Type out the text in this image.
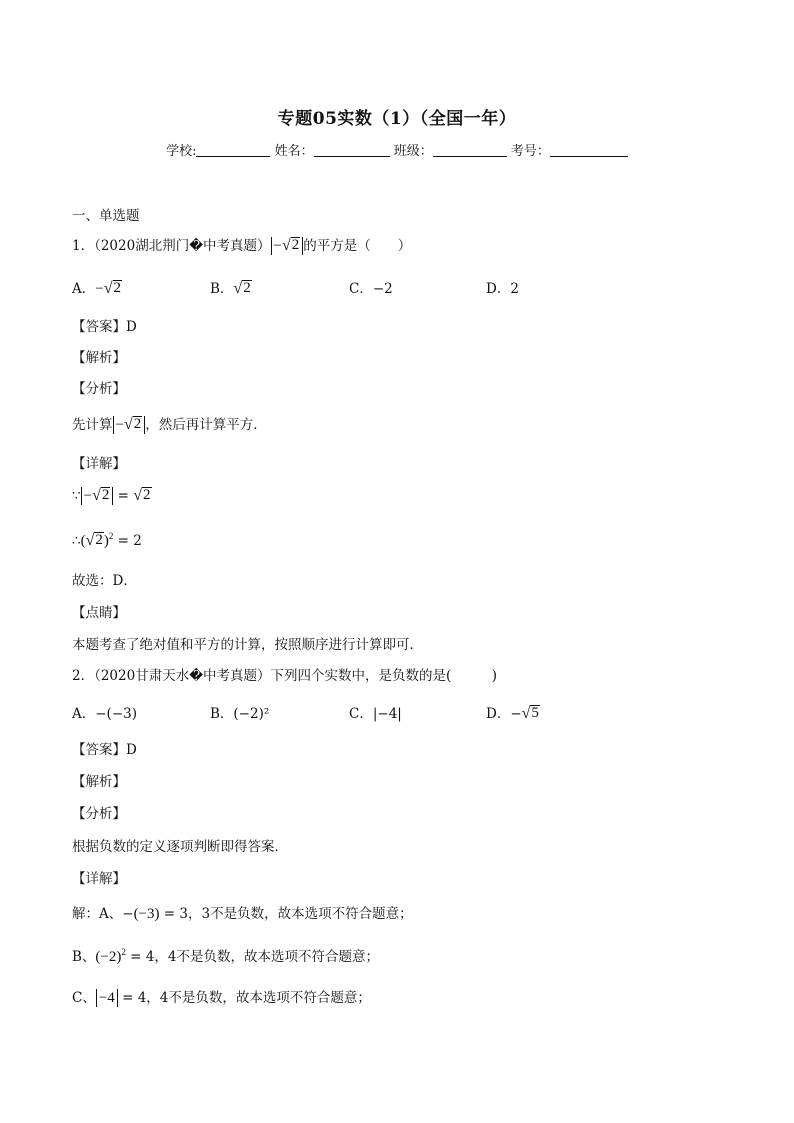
专题05实数（1）（全国一年）
学校:	姓名：	班级：	考号：
一、单选题
1．（2020湖北荆门�中考真题） − √ 2 的平方是（　　）
A．− √ 2	B． √ 2	C．−2	D．2
【答案】D
【解析】
【分析】
先计算 − √ 2 ，然后再计算平方．
【详解】
∵ − √ 2 = √ 2
∴( √ 2 )$^2$ = 2
故选：D．
【点睛】
本题考查了绝对值和平方的计算，按照顺序进行计算即可．
2．（2020甘肃天水�中考真题）下列四个实数中，是负数的是(　　　)
A．−(−3)	B．(−2)²	C．|−4|	D．− √ 5
【答案】D
【解析】
【分析】
根据负数的定义逐项判断即得答案．
【详解】
解：A、−(−3) = 3，3不是负数，故本选项不符合题意；
B、$(-2)^2 = 4$，4不是负数，故本选项不符合题意；
C、 −4 = 4，4不是负数，故本选项不符合题意；
